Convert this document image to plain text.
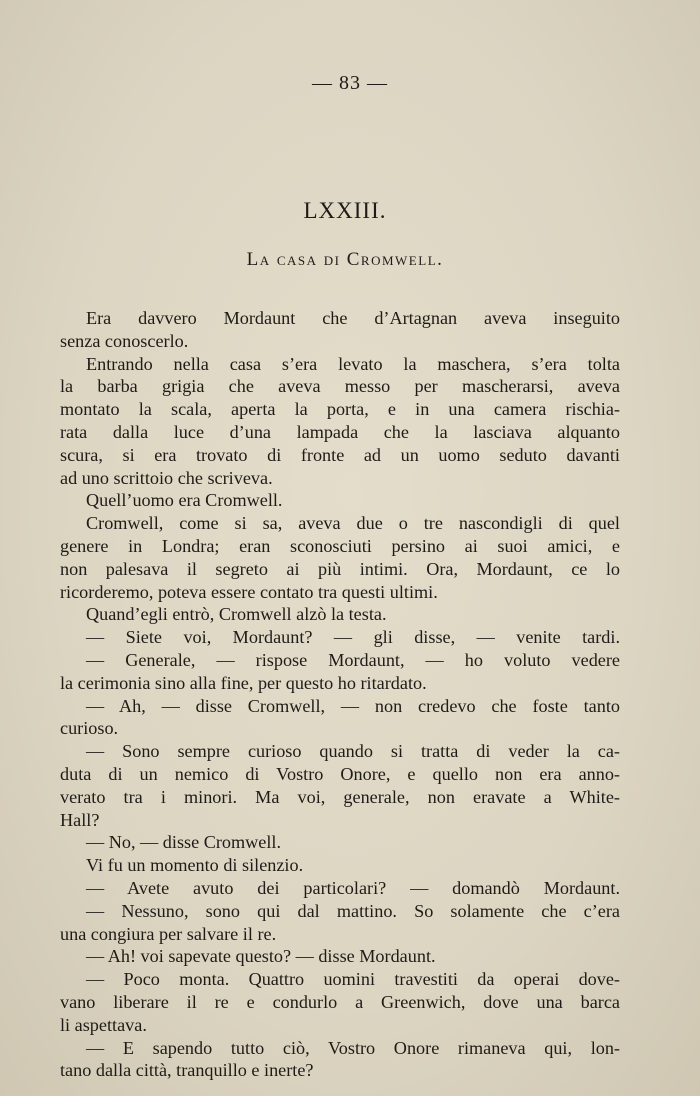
— 83 —
LXXIII.
La casa di Cromwell.
Era davvero Mordaunt che d’Artagnan aveva inseguito
senza conoscerlo.
Entrando nella casa s’era levato la maschera, s’era tolta
la barba grigia che aveva messo per mascherarsi, aveva
montato la scala, aperta la porta, e in una camera rischia-
rata dalla luce d’una lampada che la lasciava alquanto
scura, si era trovato di fronte ad un uomo seduto davanti
ad uno scrittoio che scriveva.
Quell’uomo era Cromwell.
Cromwell, come si sa, aveva due o tre nascondigli di quel
genere in Londra; eran sconosciuti persino ai suoi amici, e
non palesava il segreto ai più intimi. Ora, Mordaunt, ce lo
ricorderemo, poteva essere contato tra questi ultimi.
Quand’egli entrò, Cromwell alzò la testa.
— Siete voi, Mordaunt? — gli disse, — venite tardi.
— Generale, — rispose Mordaunt, — ho voluto vedere
la cerimonia sino alla fine, per questo ho ritardato.
— Ah, — disse Cromwell, — non credevo che foste tanto
curioso.
— Sono sempre curioso quando si tratta di veder la ca-
duta di un nemico di Vostro Onore, e quello non era anno-
verato tra i minori. Ma voi, generale, non eravate a White-
Hall?
— No, — disse Cromwell.
Vi fu un momento di silenzio.
— Avete avuto dei particolari? — domandò Mordaunt.
— Nessuno, sono qui dal mattino. So solamente che c’era
una congiura per salvare il re.
— Ah! voi sapevate questo? — disse Mordaunt.
— Poco monta. Quattro uomini travestiti da operai dove-
vano liberare il re e condurlo a Greenwich, dove una barca
li aspettava.
— E sapendo tutto ciò, Vostro Onore rimaneva qui, lon-
tano dalla città, tranquillo e inerte?
